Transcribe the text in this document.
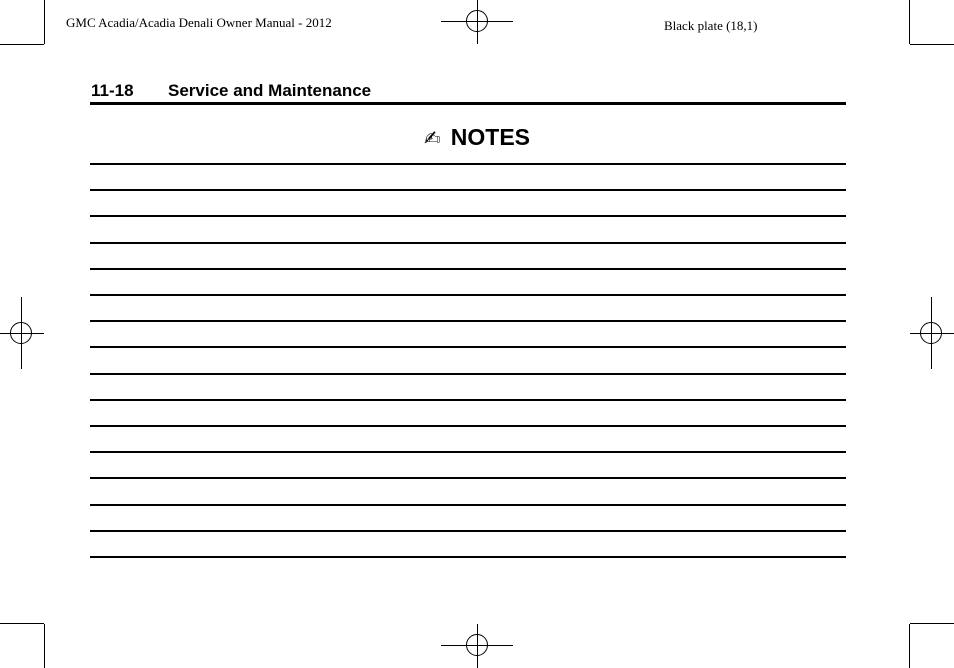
GMC Acadia/Acadia Denali Owner Manual - 2012	Black plate (18,1)
11-18 Service and Maintenance
✍ NOTES
